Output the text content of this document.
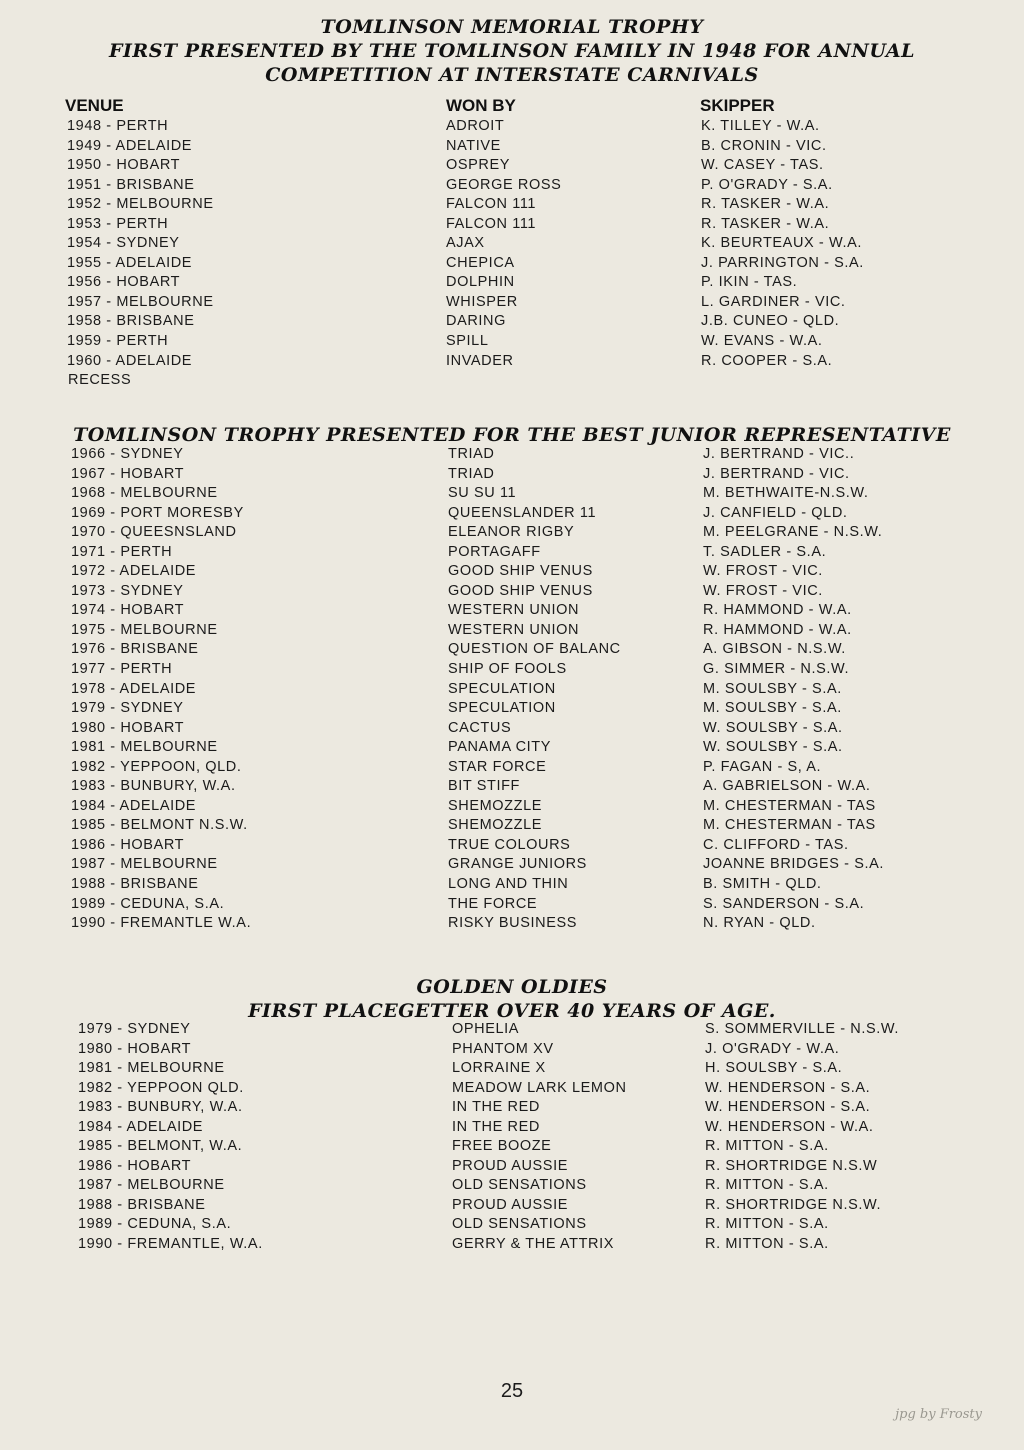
TOMLINSON MEMORIAL TROPHY
FIRST PRESENTED BY THE TOMLINSON FAMILY IN 1948 FOR ANNUAL
COMPETITION AT INTERSTATE CARNIVALS
VENUE	WON BY	SKIPPER
1948 - PERTH	ADROIT	K. TILLEY - W.A.
1949 - ADELAIDE	NATIVE	B. CRONIN - VIC.
1950 - HOBART	OSPREY	W. CASEY - TAS.
1951 - BRISBANE	GEORGE ROSS	P. O'GRADY - S.A.
1952 - MELBOURNE	FALCON 111	R. TASKER - W.A.
1953 - PERTH	FALCON 111	R. TASKER - W.A.
1954 - SYDNEY	AJAX	K. BEURTEAUX - W.A.
1955 - ADELAIDE	CHEPICA	J. PARRINGTON - S.A.
1956 - HOBART	DOLPHIN	P. IKIN - TAS.
1957 - MELBOURNE	WHISPER	L. GARDINER - VIC.
1958 - BRISBANE	DARING	J.B. CUNEO - QLD.
1959 - PERTH	SPILL	W. EVANS - W.A.
1960 - ADELAIDE	INVADER	R. COOPER - S.A.
RECESS
TOMLINSON TROPHY PRESENTED FOR THE BEST JUNIOR REPRESENTATIVE
1966 - SYDNEY	TRIAD	J. BERTRAND - VIC..
1967 - HOBART	TRIAD	J. BERTRAND - VIC.
1968 - MELBOURNE	SU SU 11	M. BETHWAITE-N.S.W.
1969 - PORT MORESBY	QUEENSLANDER 11	J. CANFIELD - QLD.
1970 - QUEESNSLAND	ELEANOR RIGBY	M. PEELGRANE - N.S.W.
1971 - PERTH	PORTAGAFF	T. SADLER - S.A.
1972 - ADELAIDE	GOOD SHIP VENUS	W. FROST - VIC.
1973 - SYDNEY	GOOD SHIP VENUS	W. FROST - VIC.
1974 - HOBART	WESTERN UNION	R. HAMMOND - W.A.
1975 - MELBOURNE	WESTERN UNION	R. HAMMOND - W.A.
1976 - BRISBANE	QUESTION OF BALANC	A. GIBSON - N.S.W.
1977 - PERTH	SHIP OF FOOLS	G. SIMMER - N.S.W.
1978 - ADELAIDE	SPECULATION	M. SOULSBY - S.A.
1979 - SYDNEY	SPECULATION	M. SOULSBY - S.A.
1980 - HOBART	CACTUS	W. SOULSBY - S.A.
1981 - MELBOURNE	PANAMA CITY	W. SOULSBY - S.A.
1982 - YEPPOON, QLD.	STAR FORCE	P. FAGAN - S, A.
1983 - BUNBURY, W.A.	BIT STIFF	A. GABRIELSON - W.A.
1984 - ADELAIDE	SHEMOZZLE	M. CHESTERMAN - TAS
1985 - BELMONT N.S.W.	SHEMOZZLE	M. CHESTERMAN - TAS
1986 - HOBART	TRUE COLOURS	C. CLIFFORD - TAS.
1987 - MELBOURNE	GRANGE JUNIORS	JOANNE BRIDGES - S.A.
1988 - BRISBANE	LONG AND THIN	B. SMITH - QLD.
1989 - CEDUNA, S.A.	THE FORCE	S. SANDERSON - S.A.
1990 - FREMANTLE W.A.	RISKY BUSINESS	N. RYAN - QLD.
GOLDEN OLDIES
FIRST PLACEGETTER OVER 40 YEARS OF AGE.
1979 - SYDNEY	OPHELIA	S. SOMMERVILLE - N.S.W.
1980 - HOBART	PHANTOM XV	J. O'GRADY - W.A.
1981 - MELBOURNE	LORRAINE X	H. SOULSBY - S.A.
1982 - YEPPOON QLD.	MEADOW LARK LEMON	W. HENDERSON - S.A.
1983 - BUNBURY, W.A.	IN THE RED	W. HENDERSON - S.A.
1984 - ADELAIDE	IN THE RED	W. HENDERSON - W.A.
1985 - BELMONT, W.A.	FREE BOOZE	R. MITTON - S.A.
1986 - HOBART	PROUD AUSSIE	R. SHORTRIDGE N.S.W
1987 - MELBOURNE	OLD SENSATIONS	R. MITTON - S.A.
1988 - BRISBANE	PROUD AUSSIE	R. SHORTRIDGE N.S.W.
1989 - CEDUNA, S.A.	OLD SENSATIONS	R. MITTON - S.A.
1990 - FREMANTLE, W.A.	GERRY & THE ATTRIX	R. MITTON - S.A.
25
jpg by Frosty
